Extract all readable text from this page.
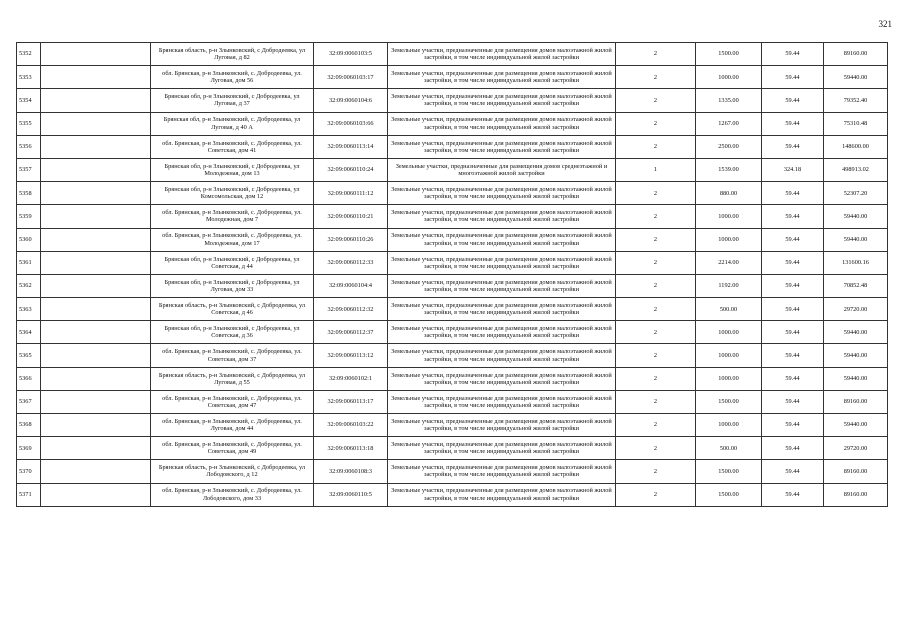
321
5352		Брянская область, р-н Злынковский, с Добродеевка, ул Луговая, д 82	32:09:0060103:5	Земельные участки, предназначенные для размещения домов малоэтажной жилой застройки, в том числе индивидуальной жилой застройки	2	1500.00	59.44	89160.00
5353		обл. Брянская, р-н Злынковский, с. Добродеевка, ул. Луговая, дом 56	32:09:0060103:17	Земельные участки, предназначенные для размещения домов малоэтажной жилой застройки, в том числе индивидуальной жилой застройки	2	1000.00	59.44	59440.00
5354		Брянская обл, р-н Злынковский, с Добродеевка, ул Луговая, д 37	32:09:0060104:6	Земельные участки, предназначенные для размещения домов малоэтажной жилой застройки, в том числе индивидуальной жилой застройки	2	1335.00	59.44	79352.40
5355		Брянская обл, р-н Злынковский, с. Добродеевка, ул Луговая, д 40 А	32:09:0060103:66	Земельные участки, предназначенные для размещения домов малоэтажной жилой застройки, в том числе индивидуальной жилой застройки	2	1267.00	59.44	75310.48
5356		обл. Брянская, р-н Злынковский, с. Добродеевка, ул. Советская, дом 41	32:09:0060113:14	Земельные участки, предназначенные для размещения домов малоэтажной жилой застройки, в том числе индивидуальной жилой застройки	2	2500.00	59.44	148600.00
5357		Брянская обл, р-н Злынковский, с Добродеевка, ул Молодежная, дом 13	32:09:0060110:24	Земельные участки, предназначенные для размещения домов среднеэтажной и многоэтажной жилой застройки	1	1539.00	324.18	498913.02
5358		Брянская обл, р-н Злынковский, с Добродеевка, ул Комсомольская, дом 12	32:09:0060111:12	Земельные участки, предназначенные для размещения домов малоэтажной жилой застройки, в том числе индивидуальной жилой застройки	2	880.00	59.44	52307.20
5359		обл. Брянская, р-н Злынковский, с. Добродеевка, ул. Молодежная, дом 7	32:09:0060110:21	Земельные участки, предназначенные для размещения домов малоэтажной жилой застройки, в том числе индивидуальной жилой застройки	2	1000.00	59.44	59440.00
5360		обл. Брянская, р-н Злынковский, с. Добродеевка, ул. Молодежная, дом 17	32:09:0060110:26	Земельные участки, предназначенные для размещения домов малоэтажной жилой застройки, в том числе индивидуальной жилой застройки	2	1000.00	59.44	59440.00
5361		Брянская обл, р-н Злынковский, с Добродеевка, ул Советская, д 44	32:09:0060112:33	Земельные участки, предназначенные для размещения домов малоэтажной жилой застройки, в том числе индивидуальной жилой застройки	2	2214.00	59.44	131600.16
5362		Брянская обл, р-н Злынковский, с Добродеевка, ул Луговая, дом 33	32:09:0060104:4	Земельные участки, предназначенные для размещения домов малоэтажной жилой застройки, в том числе индивидуальной жилой застройки	2	1192.00	59.44	70852.48
5363		Брянская область, р-н Злынковский, с Добродеевка, ул Советская, д 46	32:09:0060112:32	Земельные участки, предназначенные для размещения домов малоэтажной жилой застройки, в том числе индивидуальной жилой застройки	2	500.00	59.44	29720.00
5364		Брянская обл, р-н Злынковский, с Добродеевка, ул Советская, д 36	32:09:0060112:37	Земельные участки, предназначенные для размещения домов малоэтажной жилой застройки, в том числе индивидуальной жилой застройки	2	1000.00	59.44	59440.00
5365		обл. Брянская, р-н Злынковский, с. Добродеевка, ул. Советская, дом 37	32:09:0060113:12	Земельные участки, предназначенные для размещения домов малоэтажной жилой застройки, в том числе индивидуальной жилой застройки	2	1000.00	59.44	59440.00
5366		Брянская область, р-н Злынковский, с Добродеевка, ул Луговая, д 55	32:09:0060102:1	Земельные участки, предназначенные для размещения домов малоэтажной жилой застройки, в том числе индивидуальной жилой застройки	2	1000.00	59.44	59440.00
5367		обл. Брянская, р-н Злынковский, с. Добродеевка, ул. Советская, дом 47	32:09:0060113:17	Земельные участки, предназначенные для размещения домов малоэтажной жилой застройки, в том числе индивидуальной жилой застройки	2	1500.00	59.44	89160.00
5368		обл. Брянская, р-н Злынковский, с. Добродеевка, ул. Луговая, дом 44	32:09:0060103:22	Земельные участки, предназначенные для размещения домов малоэтажной жилой застройки, в том числе индивидуальной жилой застройки	2	1000.00	59.44	59440.00
5369		обл. Брянская, р-н Злынковский, с. Добродеевка, ул. Советская, дом 49	32:09:0060113:18	Земельные участки, предназначенные для размещения домов малоэтажной жилой застройки, в том числе индивидуальной жилой застройки	2	500.00	59.44	29720.00
5370		Брянская область, р-н Злынковский, с Добродеевка, ул Лободовского, д 12	32:09:0060108:3	Земельные участки, предназначенные для размещения домов малоэтажной жилой застройки, в том числе индивидуальной жилой застройки	2	1500.00	59.44	89160.00
5371		обл. Брянская, р-н Злынковский, с. Добродеевка, ул. Лободовского, дом 33	32:09:0060110:5	Земельные участки, предназначенные для размещения домов малоэтажной жилой застройки, в том числе индивидуальной жилой застройки	2	1500.00	59.44	89160.00
